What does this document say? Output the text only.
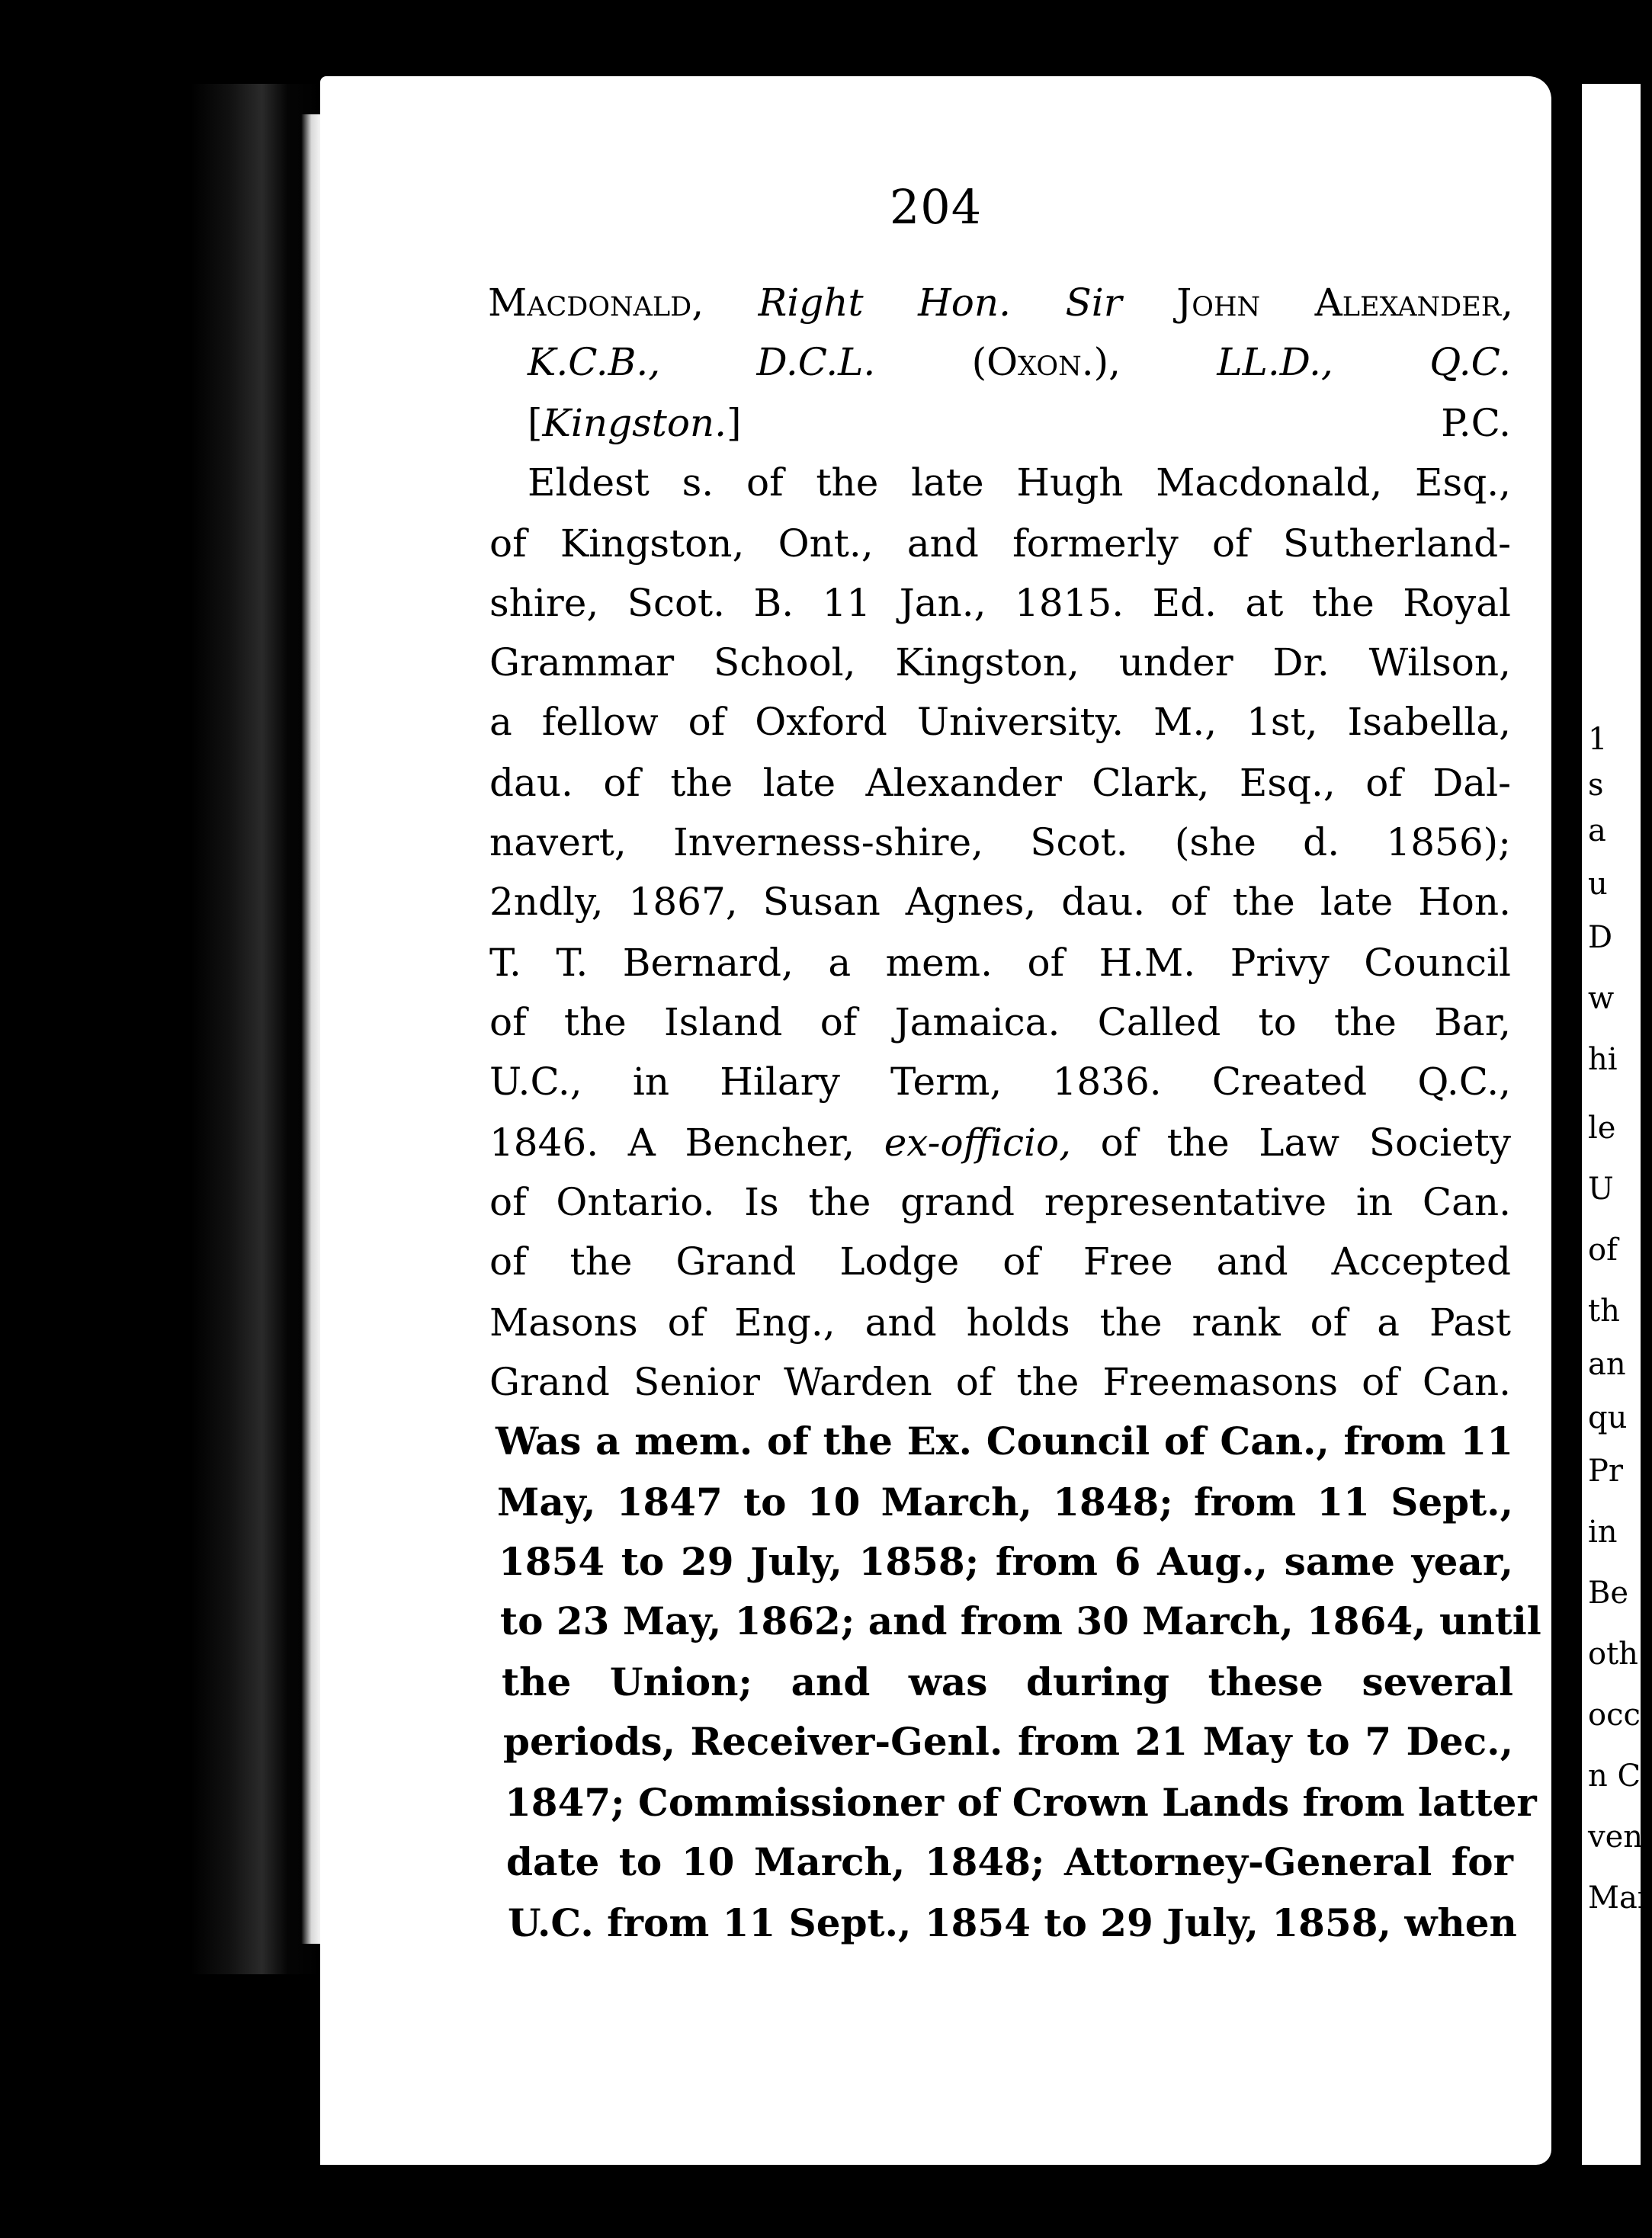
204
Macdonald, Right Hon. Sir John Alexander,
K.C.B.,	D.C.L.	(Oxon.),	LL.D.,	Q.C.
[Kingston.]	P.C.
Eldest s. of the late Hugh Macdonald, Esq.,
of Kingston, Ont., and formerly of Sutherland-
shire, Scot. B. 11 Jan., 1815. Ed. at the Royal
Grammar School, Kingston, under Dr. Wilson,
a fellow of Oxford University. M., 1st, Isabella,
dau. of the late Alexander Clark, Esq., of Dal-
navert, Inverness-shire, Scot. (she d. 1856);
2ndly, 1867, Susan Agnes, dau. of the late Hon.
T. T. Bernard, a mem. of H.M. Privy Council
of the Island of Jamaica. Called to the Bar,
U.C., in Hilary Term, 1836. Created Q.C.,
1846. A Bencher, ex-officio, of the Law Society
of Ontario. Is the grand representative in Can.
of the Grand Lodge of Free and Accepted
Masons of Eng., and holds the rank of a Past
Grand Senior Warden of the Freemasons of Can.
Was a mem. of the Ex. Council of Can., from 11
May, 1847 to 10 March, 1848; from 11 Sept.,
1854 to 29 July, 1858; from 6 Aug., same year,
to 23 May, 1862; and from 30 March, 1864, until
the Union; and was during these several
periods, Receiver-Genl. from 21 May to 7 Dec.,
1847; Commissioner of Crown Lands from latter
date to 10 March, 1848; Attorney-General for
U.C. from 11 Sept., 1854 to 29 July, 1858, when
1
s
a
u
D
w
hi
le
U
of
th
an
qu
Pr
in
Be
oth
occ
n C
ven
Mar
